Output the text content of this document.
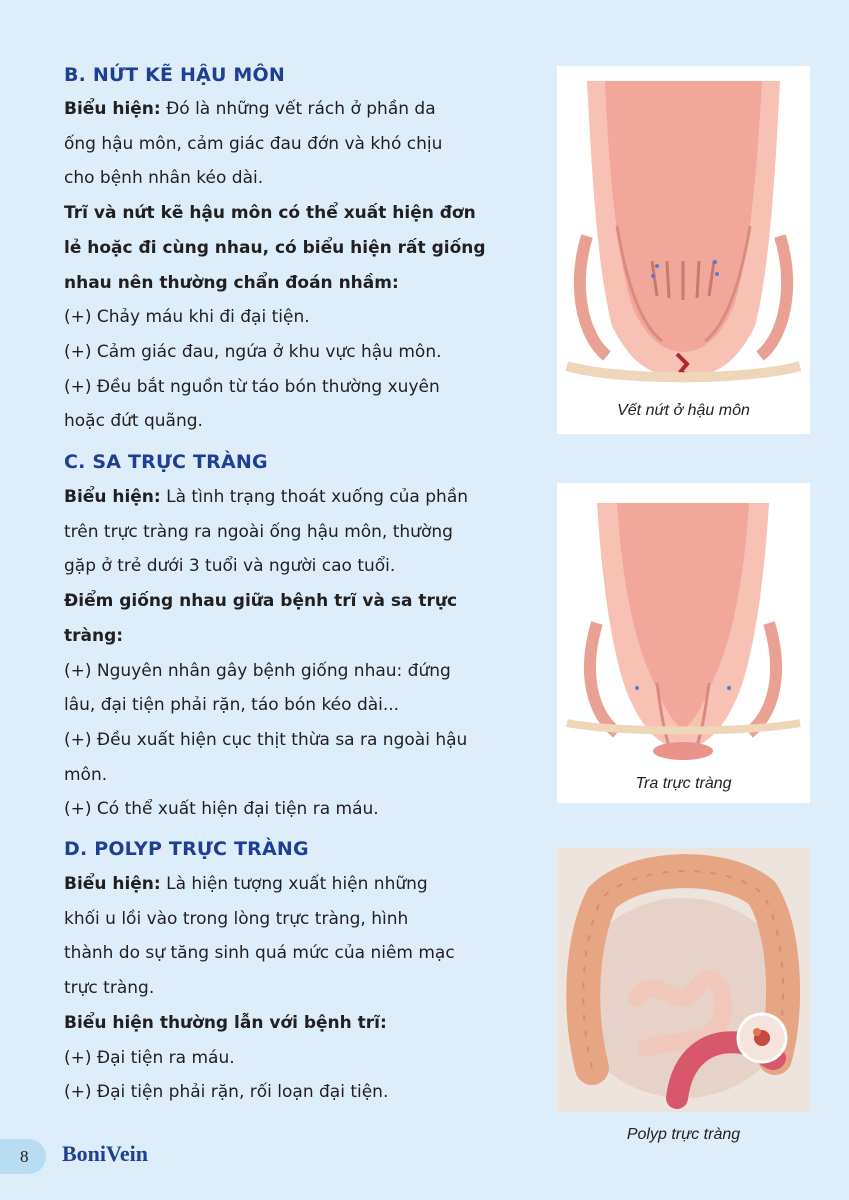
B. NỨT KẼ HẬU MÔN
Biểu hiện: Đó là những vết rách ở phần da
ống hậu môn, cảm giác đau đớn và khó chịu
cho bệnh nhân kéo dài.
Trĩ và nứt kẽ hậu môn có thể xuất hiện đơn
lẻ hoặc đi cùng nhau, có biểu hiện rất giống
nhau nên thường chẩn đoán nhầm:
(+) Chảy máu khi đi đại tiện.
(+) Cảm giác đau, ngứa ở khu vực hậu môn.
(+) Đều bắt nguồn từ táo bón thường xuyên
hoặc đứt quãng.
C. SA TRỰC TRÀNG
Biểu hiện: Là tình trạng thoát xuống của phần
trên trực tràng ra ngoài ống hậu môn, thường
gặp ở trẻ dưới 3 tuổi và người cao tuổi.
Điểm giống nhau giữa bệnh trĩ và sa trực
tràng:
(+) Nguyên nhân gây bệnh giống nhau: đứng
lâu, đại tiện phải rặn, táo bón kéo dài...
(+) Đều xuất hiện cục thịt thừa sa ra ngoài hậu
môn.
(+) Có thể xuất hiện đại tiện ra máu.
D. POLYP TRỰC TRÀNG
Biểu hiện: Là hiện tượng xuất hiện những
khối u lồi vào trong lòng trực tràng, hình
thành do sự tăng sinh quá mức của niêm mạc
trực tràng.
Biểu hiện thường lẫn với bệnh trĩ:
(+) Đại tiện ra máu.
(+) Đại tiện phải rặn, rối loạn đại tiện.
Vết nứt ở hậu môn
Tra trực tràng
Polyp trực tràng
8 BoniVein
